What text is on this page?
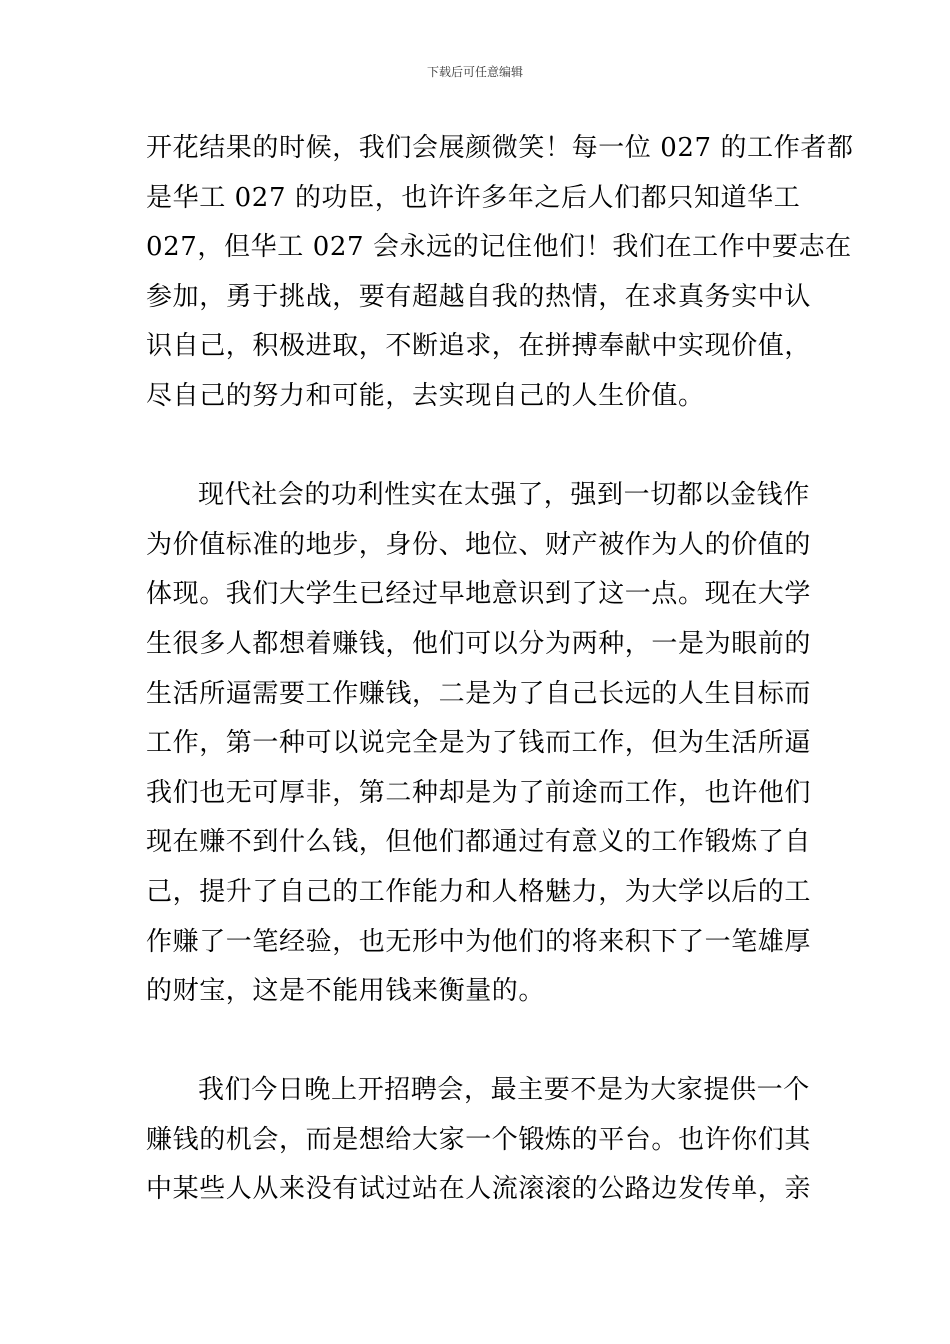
下载后可任意编辑
开花结果的时候，我们会展颜微笑！每一位 027 的工作者都
是华工 027 的功臣，也许许多年之后人们都只知道华工
027，但华工 027 会永远的记住他们！我们在工作中要志在
参加，勇于挑战，要有超越自我的热情，在求真务实中认
识自己，积极进取，不断追求，在拼搏奉献中实现价值，
尽自己的努力和可能，去实现自己的人生价值。
现代社会的功利性实在太强了，强到一切都以金钱作
为价值标准的地步，身份、地位、财产被作为人的价值的
体现。我们大学生已经过早地意识到了这一点。现在大学
生很多人都想着赚钱，他们可以分为两种，一是为眼前的
生活所逼需要工作赚钱，二是为了自己长远的人生目标而
工作，第一种可以说完全是为了钱而工作，但为生活所逼
我们也无可厚非，第二种却是为了前途而工作，也许他们
现在赚不到什么钱，但他们都通过有意义的工作锻炼了自
己，提升了自己的工作能力和人格魅力，为大学以后的工
作赚了一笔经验，也无形中为他们的将来积下了一笔雄厚
的财宝，这是不能用钱来衡量的。
我们今日晚上开招聘会，最主要不是为大家提供一个
赚钱的机会，而是想给大家一个锻炼的平台。也许你们其
中某些人从来没有试过站在人流滚滚的公路边发传单，亲
